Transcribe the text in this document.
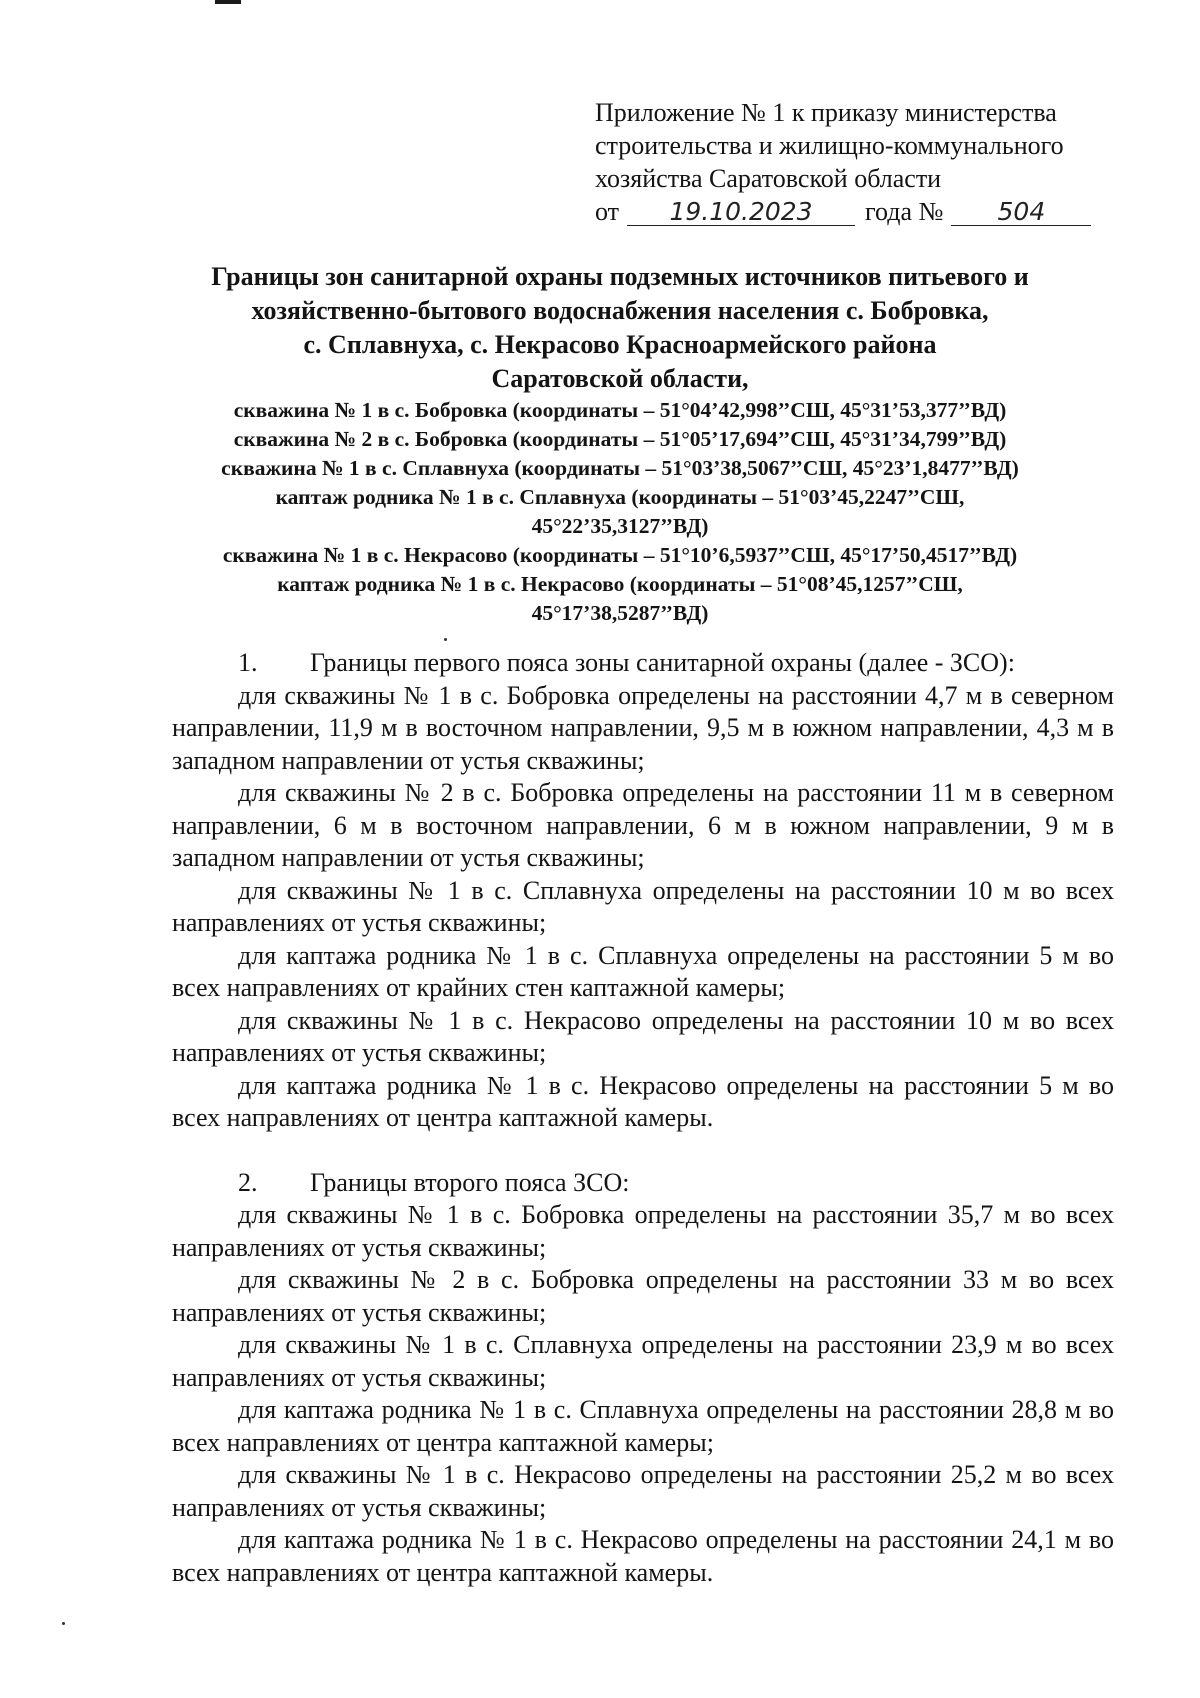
Приложение № 1 к приказу министерства
строительства и жилищно-коммунального
хозяйства Саратовской области
от 19.10.2023 года № 504
Границы зон санитарной охраны подземных источников питьевого и
хозяйственно-бытового водоснабжения населения с. Бобровка,
с. Сплавнуха, с. Некрасово Красноармейского района
Саратовской области,
скважина № 1 в с. Бобровка (координаты – 51°04’42,998’’СШ, 45°31’53,377’’ВД)
скважина № 2 в с. Бобровка (координаты – 51°05’17,694’’СШ, 45°31’34,799’’ВД)
скважина № 1 в с. Сплавнуха (координаты – 51°03’38,5067’’СШ, 45°23’1,8477’’ВД)
каптаж родника № 1 в с. Сплавнуха (координаты – 51°03’45,2247’’СШ,
45°22’35,3127’’ВД)
скважина № 1 в с. Некрасово (координаты – 51°10’6,5937’’СШ, 45°17’50,4517’’ВД)
каптаж родника № 1 в с. Некрасово (координаты – 51°08’45,1257’’СШ,
45°17’38,5287’’ВД)

1. Границы первого пояса зоны санитарной охраны (далее - ЗСО):

для скважины № 1 в с. Бобровка определены на расстоянии 4,7 м в северном направлении, 11,9 м в восточном направлении, 9,5 м в южном направлении, 4,3 м в западном направлении от устья скважины;

для скважины № 2 в с. Бобровка определены на расстоянии 11 м в северном направлении, 6 м в восточном направлении, 6 м в южном направлении, 9 м в западном направлении от устья скважины;

для скважины № 1 в с. Сплавнуха определены на расстоянии 10 м во всех направлениях от устья скважины;

для каптажа родника № 1 в с. Сплавнуха определены на расстоянии 5 м во всех направлениях от крайних стен каптажной камеры;

для скважины № 1 в с. Некрасово определены на расстоянии 10 м во всех направлениях от устья скважины;

для каптажа родника № 1 в с. Некрасово определены на расстоянии 5 м во всех направлениях от центра каптажной камеры.

2. Границы второго пояса ЗСО:

для скважины № 1 в с. Бобровка определены на расстоянии 35,7 м во всех направлениях от устья скважины;

для скважины № 2 в с. Бобровка определены на расстоянии 33 м во всех направлениях от устья скважины;

для скважины № 1 в с. Сплавнуха определены на расстоянии 23,9 м во всех направлениях от устья скважины;

для каптажа родника № 1 в с. Сплавнуха определены на расстоянии 28,8 м во всех направлениях от центра каптажной камеры;

для скважины № 1 в с. Некрасово определены на расстоянии 25,2 м во всех направлениях от устья скважины;

для каптажа родника № 1 в с. Некрасово определены на расстоянии 24,1 м во всех направлениях от центра каптажной камеры.
